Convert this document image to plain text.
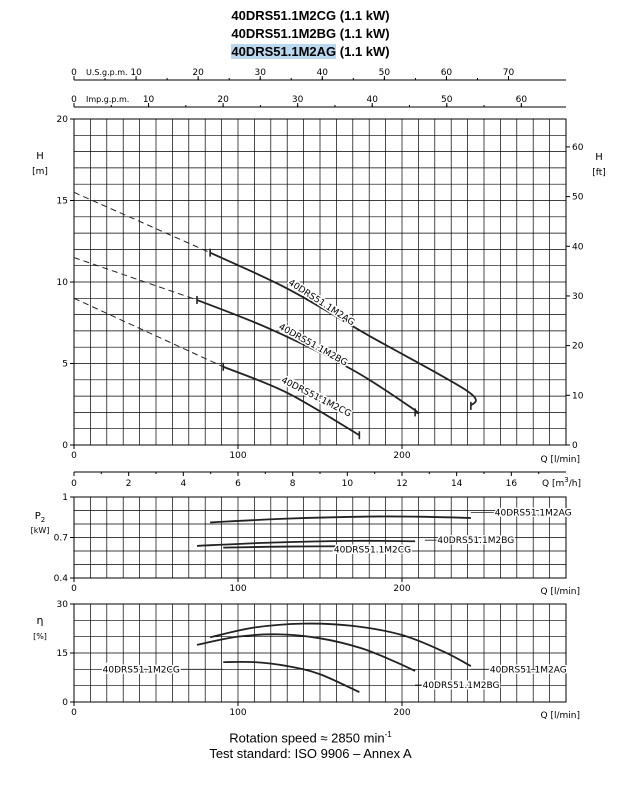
40DRS51.1M2CG (1.1 kW)
40DRS51.1M2BG (1.1 kW)
40DRS51.1M2AG (1.1 kW)
0
5
10
15
20
0	100	200	Q [l/min]
H
[m]
H
[ft]
0
10
20
30
40
50
60
0	10	20	30	40	50	60	70
U.S.g.p.m.
0	10	20	30	40	50	60
Imp.g.p.m.
0	2	4	6	8	10	12	14	16	Q $[m^3/h]$
40DRS51.1M2AG
40DRS51.1M2BG
40DRS51.1M2CG
0.4
0.7
1
0	100	200	Q [l/min]
$P_2$
[kW]
40DRS51.1M2AG
40DRS51.1M2BG
40DRS51.1M2CG
0
15
30
0	100	200	Q [l/min]
η
[%]
40DRS51.1M2AG
40DRS51.1M2BG
40DRS51.1M2CG
Rotation speed ≈ 2850 $\min^{-1}$
Test standard: ISO 9906 – Annex A
